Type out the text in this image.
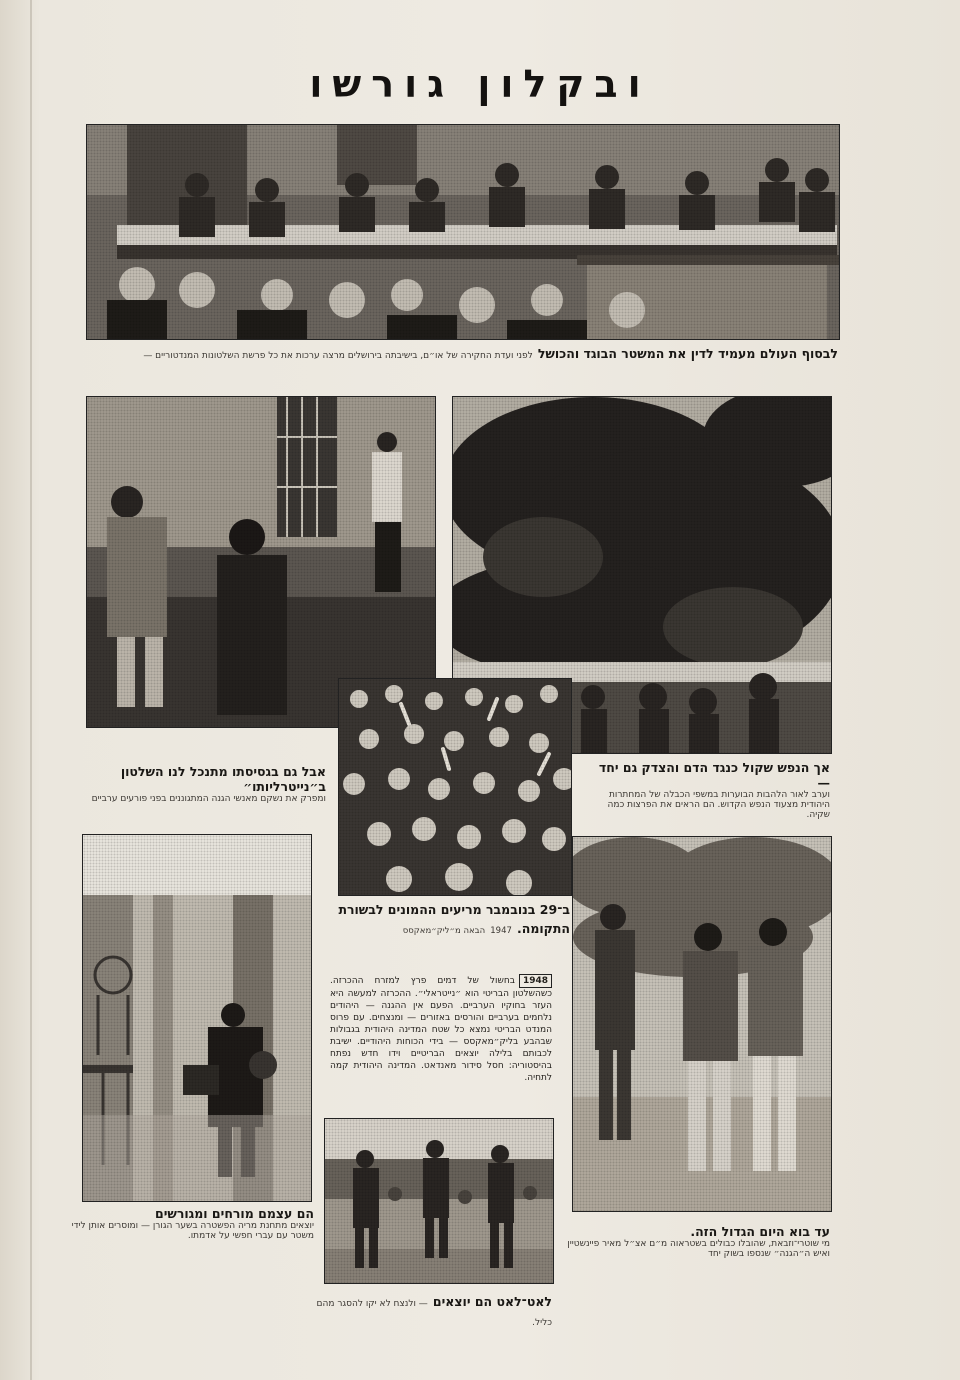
ובקלון גורשו
לבסוף העולם מעמיד לדין את המשטר הבוגד והכושל לפני ועדת החקירה של או״ם, בישיבתה בירושלים מרצה ערכות את כל פרשת השלטונות המנדטוריים —
אבל גם בגסיסתו מתנכל לנו השלטון ב״נייטרליותו״
ומפרק את נשקם מאנשי הגנה המתגוננים בפני פורעים ערביים
אך הנפש שקול כנגד הדם והצדק גם יחד —
וערב לאור הלהבות הבוערות במשפי הכבלה של המחתרות היהודית מצעוד הנפש הקדוש. הם הראים את הפרצות כמה שקיה.
ב־29 בנובמבר מריעים ההמונים לבשורת התקומה. 1947 הבאה מ״ליק״מאקסס
1948בחשול של דמים פרץ למזרח ההכרזה. כשהשלטון הבריטי הוא ״נייטראלי״. ההכרזה למעשה היא העזר בחוקיו הערביים. הפעם אין ההגנה — היהודים נלחמים בערביים והורסים באזורים — ומנצחים. עם פרוס המנדט הבריטי נמצא כל שטח המדינה היהודית בגבולות שבהבע בליק״מאקסס — בידי הכוחות היהודיים. ישיבת לכבותם בלילה יוצאים הבריטיים וידו חדש נפתח בהיסטוריה: חסל סידור מאנדאט. המדינה היהודית קמה לתחיה.
הם עצמם מורחים ומגורשים
יוצאים מתחנת מריה הפשטרה בשער הגורן — ומוסרים אותן לידי משטר עם עברי חפשי על אדמתו.
לאט־לאט הם יוצאים — ולנצח לא יקו להסגר מהם כליל.
עד בוא היום הגדול הזה.
מי שוטרי־וזבאת, שהובלו כבולים בשטראוה מ״ם אצ״ל מאיר פיינשטיין ואיש ה״הגנה״ שנספו בשוק יחד
